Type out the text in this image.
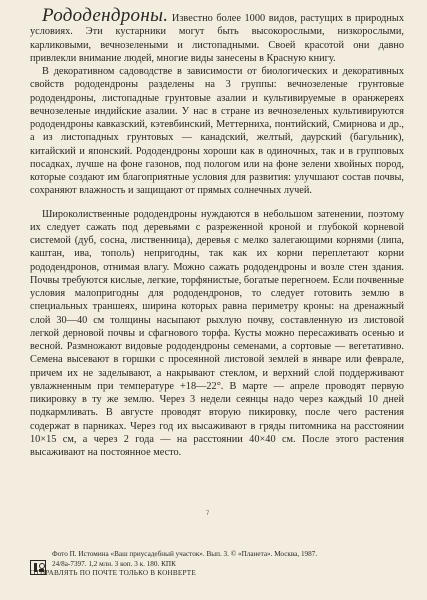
Рододендроны. Известно более 1000 видов, растущих в природных условиях. Эти кустарники могут быть высокорослыми, низкорослыми, карликовыми, вечнозелеными и листопадными. Своей красотой они давно привлекли внимание людей, многие виды занесены в Красную книгу.

В декоративном садоводстве в зависимости от биологических и декоративных свойств рододендроны разделены на 3 группы: вечнозеленые грунтовые рододендроны, листопадные грунтовые азалии и культивируемые в оранжереях вечнозеленые индийские азалии. У нас в стране из вечнозеленых культивируются рододендроны кавказский, кэтевбинский, Меттерниха, понтийский, Смирнова и др., а из листопадных грунтовых — канадский, желтый, даурский (багульник), китайский и японский. Рододендроны хороши как в одиночных, так и в групповых посадках, лучше на фоне газонов, под пологом или на фоне зелени хвойных пород, которые создают им благоприятные условия для развития: улучшают состав почвы, сохраняют влажность и защищают от прямых солнечных лучей.

Широколиственные рододендроны нуждаются в небольшом затенении, поэтому их следует сажать под деревьями с разреженной кроной и глубокой корневой системой (дуб, сосна, лиственница), деревья с мелко залегающими корнями (липа, каштан, ива, тополь) непригодны, так как их корни переплетают корни рододендронов, отнимая влагу. Можно сажать рододендроны и возле стен здания. Почвы требуются кислые, легкие, торфянистые, богатые перегноем. Если почвенные условия малопригодны для рододендронов, то следует готовить землю в специальных траншеях, ширина которых равна периметру кроны: на дренажный слой 30—40 см толщины насыпают рыхлую почву, составленную из листовой легкой дерновой почвы и сфагнового торфа. Кусты можно пересаживать осенью и весной. Размножают видовые рододендроны семенами, а сортовые — вегетативно. Семена высевают в горшки с просеянной листовой землей в январе или феврале, причем их не заделывают, а накрывают стеклом, и верхний слой поддерживают увлажненным при температуре +18—22°. В марте — апреле проводят первую пикировку в ту же землю. Через 3 недели сеянцы надо через каждый 10 дней подкармливать. В августе проводят вторую пикировку, после чего растения содержат в парниках. Через год их высаживают в гряды питомника на расстоянии 10×15 см, а через 2 года — на расстоянии 40×40 см. После этого растения высаживают на постоянное место.

7
Фото П. Истомина «Ваш приусадебный участок». Вып. 3. © «Планета». Москва, 1987.
24/8а-7397. 1,2 млн. 3 коп. 3 к. 180. КПК
ОТПРАВЛЯТЬ ПО ПОЧТЕ ТОЛЬКО В КОНВЕРТЕ
